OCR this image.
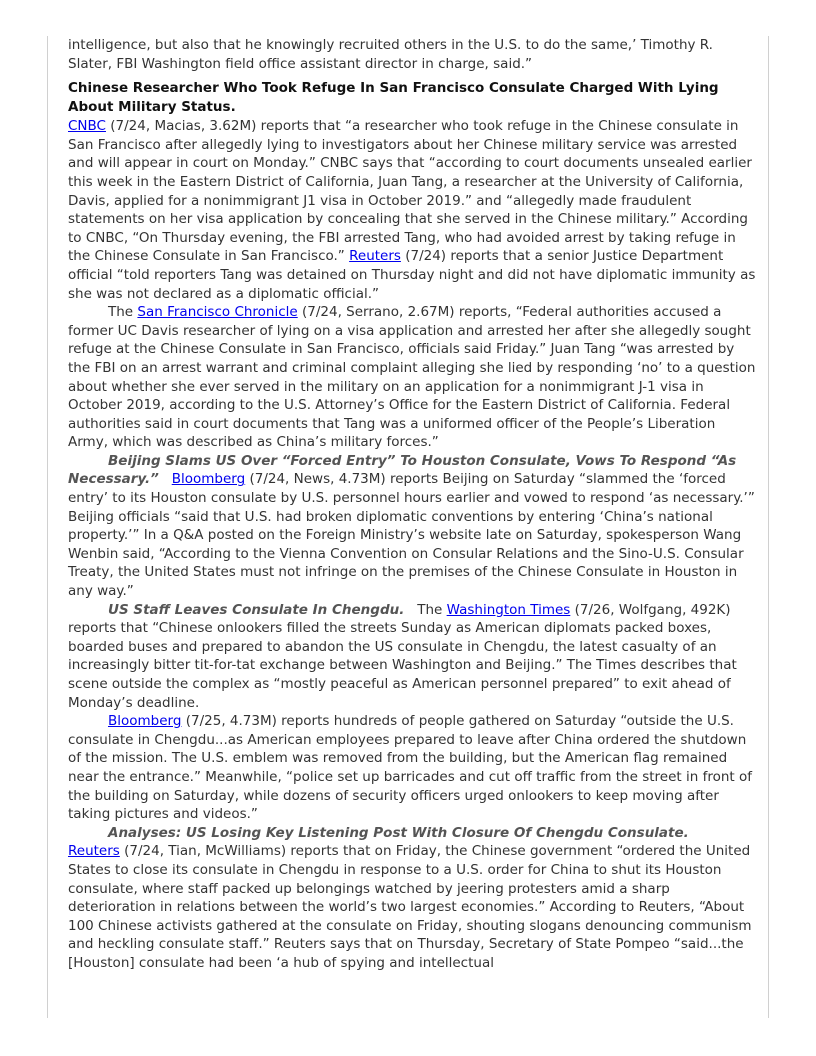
intelligence, but also that he knowingly recruited others in the U.S. to do the same,’ Timothy R. Slater, FBI Washington field office assistant director in charge, said.”

Chinese Researcher Who Took Refuge In San Francisco Consulate Charged With Lying About Military Status.

CNBC (7/24, Macias, 3.62M) reports that “a researcher who took refuge in the Chinese consulate in San Francisco after allegedly lying to investigators about her Chinese military service was arrested and will appear in court on Monday.” CNBC says that “according to court documents unsealed earlier this week in the Eastern District of California, Juan Tang, a researcher at the University of California, Davis, applied for a nonimmigrant J1 visa in October 2019.” and “allegedly made fraudulent statements on her visa application by concealing that she served in the Chinese military.” According to CNBC, “On Thursday evening, the FBI arrested Tang, who had avoided arrest by taking refuge in the Chinese Consulate in San Francisco.” Reuters (7/24) reports that a senior Justice Department official “told reporters Tang was detained on Thursday night and did not have diplomatic immunity as she was not declared as a diplomatic official.”

The San Francisco Chronicle (7/24, Serrano, 2.67M) reports, “Federal authorities accused a former UC Davis researcher of lying on a visa application and arrested her after she allegedly sought refuge at the Chinese Consulate in San Francisco, officials said Friday.” Juan Tang “was arrested by the FBI on an arrest warrant and criminal complaint alleging she lied by responding ‘no’ to a question about whether she ever served in the military on an application for a nonimmigrant J-1 visa in October 2019, according to the U.S. Attorney’s Office for the Eastern District of California. Federal authorities said in court documents that Tang was a uniformed officer of the People’s Liberation Army, which was described as China’s military forces.”

Beijing Slams US Over “Forced Entry” To Houston Consulate, Vows To Respond “As Necessary.” Bloomberg (7/24, News, 4.73M) reports Beijing on Saturday “slammed the ‘forced entry’ to its Houston consulate by U.S. personnel hours earlier and vowed to respond ‘as necessary.’” Beijing officials “said that U.S. had broken diplomatic conventions by entering ‘China’s national property.’” In a Q&A posted on the Foreign Ministry’s website late on Saturday, spokesperson Wang Wenbin said, “According to the Vienna Convention on Consular Relations and the Sino-U.S. Consular Treaty, the United States must not infringe on the premises of the Chinese Consulate in Houston in any way.”

US Staff Leaves Consulate In Chengdu. The Washington Times (7/26, Wolfgang, 492K) reports that “Chinese onlookers filled the streets Sunday as American diplomats packed boxes, boarded buses and prepared to abandon the US consulate in Chengdu, the latest casualty of an increasingly bitter tit-for-tat exchange between Washington and Beijing.” The Times describes that scene outside the complex as “mostly peaceful as American personnel prepared” to exit ahead of Monday’s deadline.

Bloomberg (7/25, 4.73M) reports hundreds of people gathered on Saturday “outside the U.S. consulate in Chengdu...as American employees prepared to leave after China ordered the shutdown of the mission. The U.S. emblem was removed from the building, but the American flag remained near the entrance.” Meanwhile, “police set up barricades and cut off traffic from the street in front of the building on Saturday, while dozens of security officers urged onlookers to keep moving after taking pictures and videos.”

Analyses: US Losing Key Listening Post With Closure Of Chengdu Consulate.

Reuters (7/24, Tian, McWilliams) reports that on Friday, the Chinese government “ordered the United States to close its consulate in Chengdu in response to a U.S. order for China to shut its Houston consulate, where staff packed up belongings watched by jeering protesters amid a sharp deterioration in relations between the world’s two largest economies.” According to Reuters, “About 100 Chinese activists gathered at the consulate on Friday, shouting slogans denouncing communism and heckling consulate staff.” Reuters says that on Thursday, Secretary of State Pompeo “said...the [Houston] consulate had been ‘a hub of spying and intellectual
